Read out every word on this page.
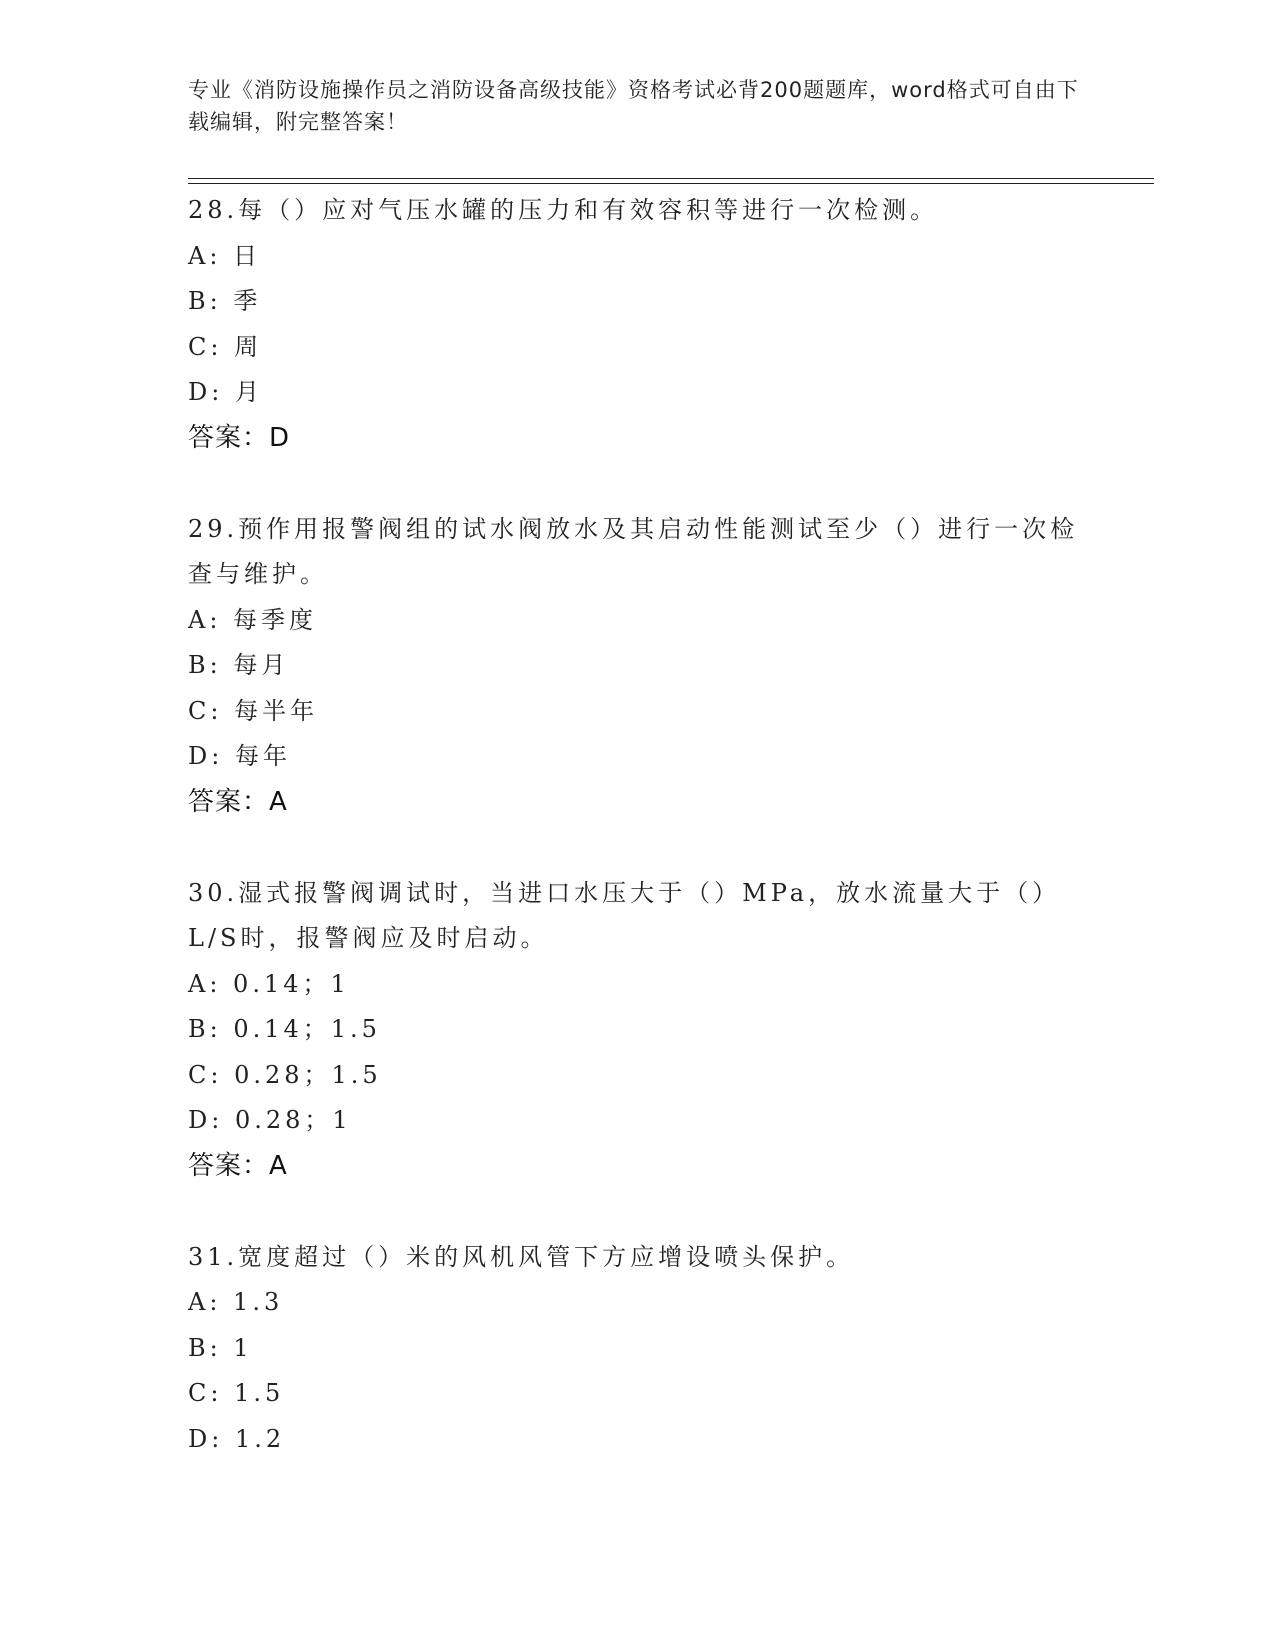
专业《消防设施操作员之消防设备高级技能》资格考试必背200题题库，word格式可自由下载编辑，附完整答案！
28.每（）应对气压水罐的压力和有效容积等进行一次检测。
A: 日
B: 季
C: 周
D: 月
答案：D
29.预作用报警阀组的试水阀放水及其启动性能测试至少（）进行一次检查与维护。
A: 每季度
B: 每月
C: 每半年
D: 每年
答案：A
30.湿式报警阀调试时，当进口水压大于（）MPa，放水流量大于（）L/S时，报警阀应及时启动。
A: 0.14；1
B: 0.14；1.5
C: 0.28；1.5
D: 0.28；1
答案：A
31.宽度超过（）米的风机风管下方应增设喷头保护。
A: 1.3
B: 1
C: 1.5
D: 1.2
